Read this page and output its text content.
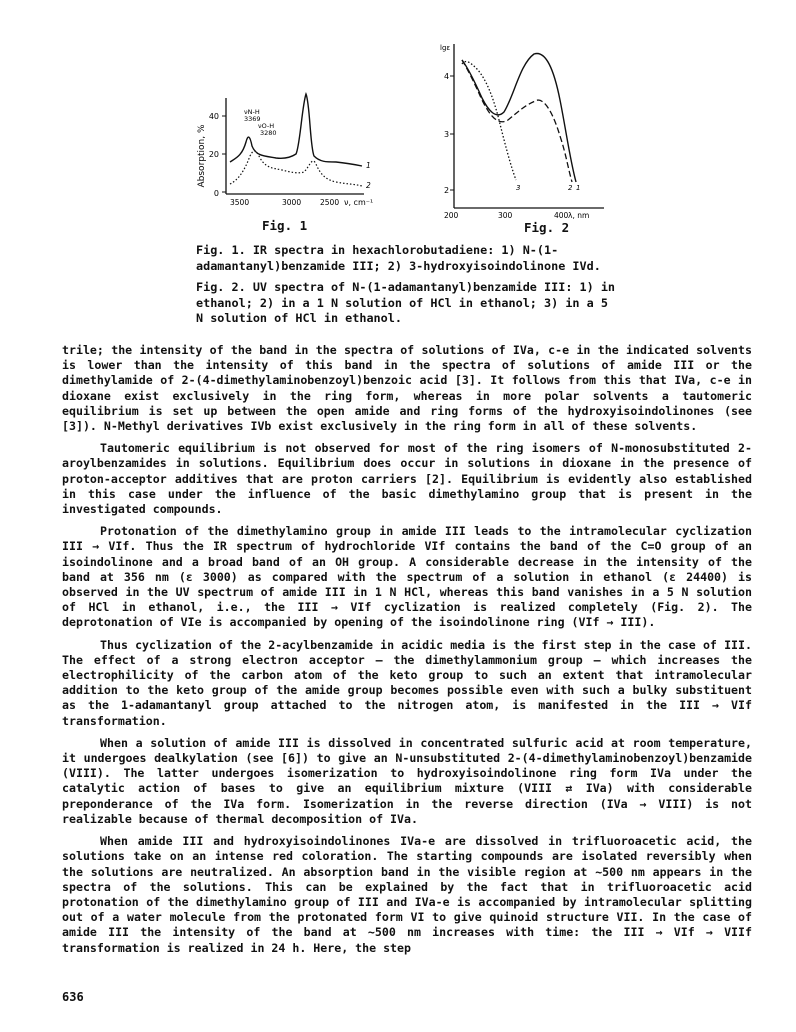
40
20
0
Absorption, %
3500	3000	2500 ν, cm⁻¹
νN-H
3369
νO-H
3280
1
2
Fig. 1
lgε
4
3
2
200	300	400 λ, nm
3	2 1
Fig. 2

Fig. 1. IR spectra in hexachlorobutadiene: 1) N-(1-adamantanyl)benzamide III; 2) 3-hydroxyisoindolinone IVd.

Fig. 2. UV spectra of N-(1-adamantanyl)benzamide III: 1) in ethanol; 2) in a 1 N solution of HCl in ethanol; 3) in a 5 N solution of HCl in ethanol.

trile; the intensity of the band in the spectra of solutions of IVa, c-e in the indicated solvents is lower than the intensity of this band in the spectra of solutions of amide III or the dimethylamide of 2-(4-dimethylaminobenzoyl)benzoic acid [3]. It follows from this that IVa, c-e in dioxane exist exclusively in the ring form, whereas in more polar solvents a tautomeric equilibrium is set up between the open amide and ring forms of the hydroxyisoindolinones (see [3]). N-Methyl derivatives IVb exist exclusively in the ring form in all of these solvents.

Tautomeric equilibrium is not observed for most of the ring isomers of N-monosubstituted 2-aroylbenzamides in solutions. Equilibrium does occur in solutions in dioxane in the presence of proton-acceptor additives that are proton carriers [2]. Equilibrium is evidently also established in this case under the influence of the basic dimethylamino group that is present in the investigated compounds.

Protonation of the dimethylamino group in amide III leads to the intramolecular cyclization III → VIf. Thus the IR spectrum of hydrochloride VIf contains the band of the C=O group of an isoindolinone and a broad band of an OH group. A considerable decrease in the intensity of the band at 356 nm (ε 3000) as compared with the spectrum of a solution in ethanol (ε 24400) is observed in the UV spectrum of amide III in 1 N HCl, whereas this band vanishes in a 5 N solution of HCl in ethanol, i.e., the III → VIf cyclization is realized completely (Fig. 2). The deprotonation of VIe is accompanied by opening of the isoindolinone ring (VIf → III).

Thus cyclization of the 2-acylbenzamide in acidic media is the first step in the case of III. The effect of a strong electron acceptor — the dimethylammonium group — which increases the electrophilicity of the carbon atom of the keto group to such an extent that intramolecular addition to the keto group of the amide group becomes possible even with such a bulky substituent as the 1-adamantanyl group attached to the nitrogen atom, is manifested in the III → VIf transformation.

When a solution of amide III is dissolved in concentrated sulfuric acid at room temperature, it undergoes dealkylation (see [6]) to give an N-unsubstituted 2-(4-dimethylaminobenzoyl)benzamide (VIII). The latter undergoes isomerization to hydroxyisoindolinone ring form IVa under the catalytic action of bases to give an equilibrium mixture (VIII ⇄ IVa) with considerable preponderance of the IVa form. Isomerization in the reverse direction (IVa → VIII) is not realizable because of thermal decomposition of IVa.

When amide III and hydroxyisoindolinones IVa-e are dissolved in trifluoroacetic acid, the solutions take on an intense red coloration. The starting compounds are isolated reversibly when the solutions are neutralized. An absorption band in the visible region at ~500 nm appears in the spectra of the solutions. This can be explained by the fact that in trifluoroacetic acid protonation of the dimethylamino group of III and IVa-e is accompanied by intramolecular splitting out of a water molecule from the protonated form VI to give quinoid structure VII. In the case of amide III the intensity of the band at ~500 nm increases with time: the III → VIf → VIIf transformation is realized in 24 h. Here, the step

636
